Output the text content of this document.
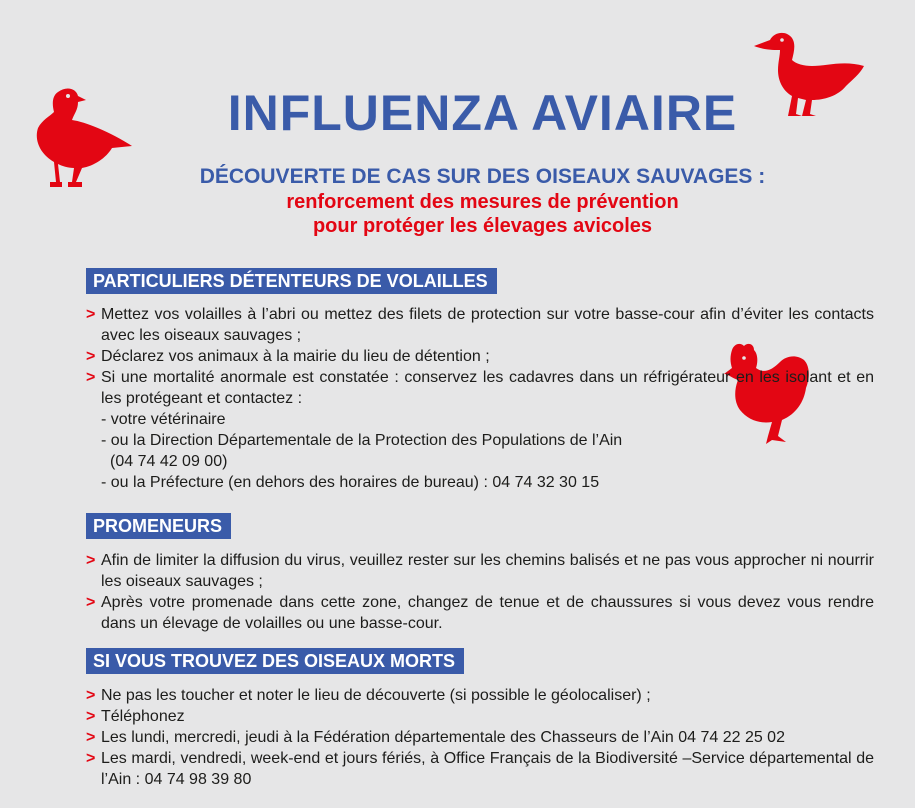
INFLUENZA AVIAIRE
DÉCOUVERTE DE CAS SUR DES OISEAUX SAUVAGES :
renforcement des mesures de prévention
pour protéger les élevages avicoles
PARTICULIERS DÉTENTEURS DE VOLAILLES
> Mettez vos volailles à l’abri ou mettez des filets de protection sur votre basse-cour afin d’éviter les contacts avec les oiseaux sauvages ;
> Déclarez vos animaux à la mairie du lieu de détention ;
> Si une mortalité anormale est constatée : conservez les cadavres dans un réfrigérateur en les isolant et en les protégeant et contactez :
- votre vétérinaire
- ou la Direction Départementale de la Protection des Populations de l’Ain
(04 74 42 09 00)
- ou la Préfecture (en dehors des horaires de bureau) : 04 74 32 30 15
PROMENEURS
> Afin de limiter la diffusion du virus, veuillez rester sur les chemins balisés et ne pas vous approcher ni nourrir les oiseaux sauvages ;
> Après votre promenade dans cette zone, changez de tenue et de chaussures si vous devez vous rendre dans un élevage de volailles ou une basse-cour.
SI VOUS TROUVEZ DES OISEAUX MORTS
> Ne pas les toucher et noter le lieu de découverte (si possible le géolocaliser) ;
> Téléphonez
> Les lundi, mercredi, jeudi à la Fédération départementale des Chasseurs de l’Ain 04 74 22 25 02
> Les mardi, vendredi, week-end et jours fériés, à Office Français de la Biodiversité –Service départemental de l’Ain : 04 74 98 39 80
